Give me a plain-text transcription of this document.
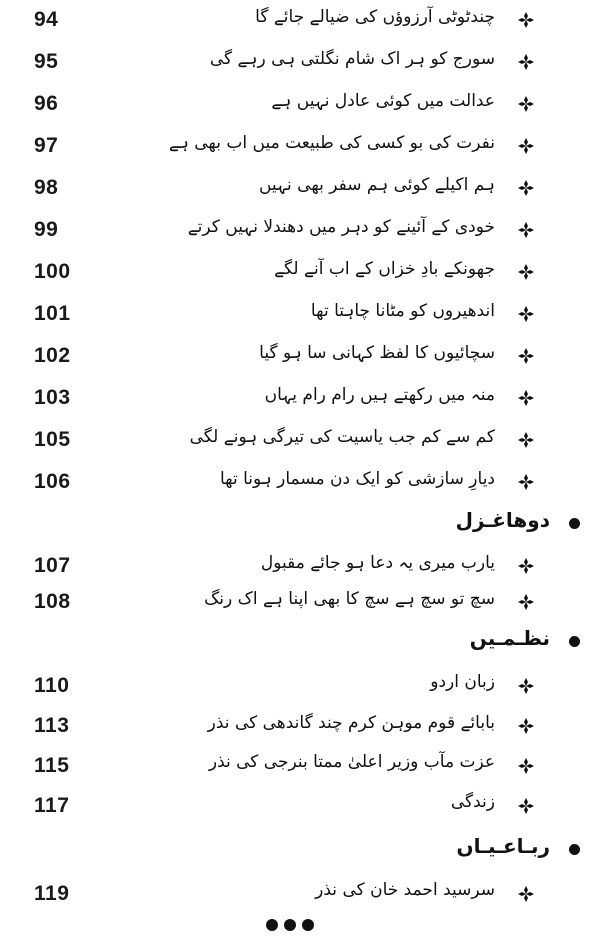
94	چندٹوٹی آرزوؤں کی ضیالے جائے گا
95	سورج کو ہر اک شام نگلتی ہی رہے گی
96	عدالت میں کوئی عادل نہیں ہے
97	نفرت کی بو کسی کی طبیعت میں اب بھی ہے
98	ہم اکیلے کوئی ہم سفر بھی نہیں
99	خودی کے آئینے کو دہر میں دھندلا نہیں کرتے
100	جھونکے بادِ خزاں کے اب آنے لگے
101	اندھیروں کو مٹانا چاہتا تھا
102	سچائیوں کا لفظ کہانی سا ہو گیا
103	منہ میں رکھتے ہیں رام رام یہاں
105	کم سے کم جب یاسیت کی تیرگی ہونے لگی
106	دیارِ سازشی کو ایک دن مسمار ہونا تھا
دوھاغـزل
107	یارب میری یہ دعا ہو جائے مقبول
108	سچ تو سچ ہے سچ کا بھی اپنا ہے اک رنگ
نظـمـیں
110	زبان اردو
113	بابائے قوم موہن کرم چند گاندھی کی نذر
115	عزت مآب وزیر اعلیٰ ممتا بنرجی کی نذر
117	زندگی
ربـاعـیـاں
119	سرسید احمد خان کی نذر
